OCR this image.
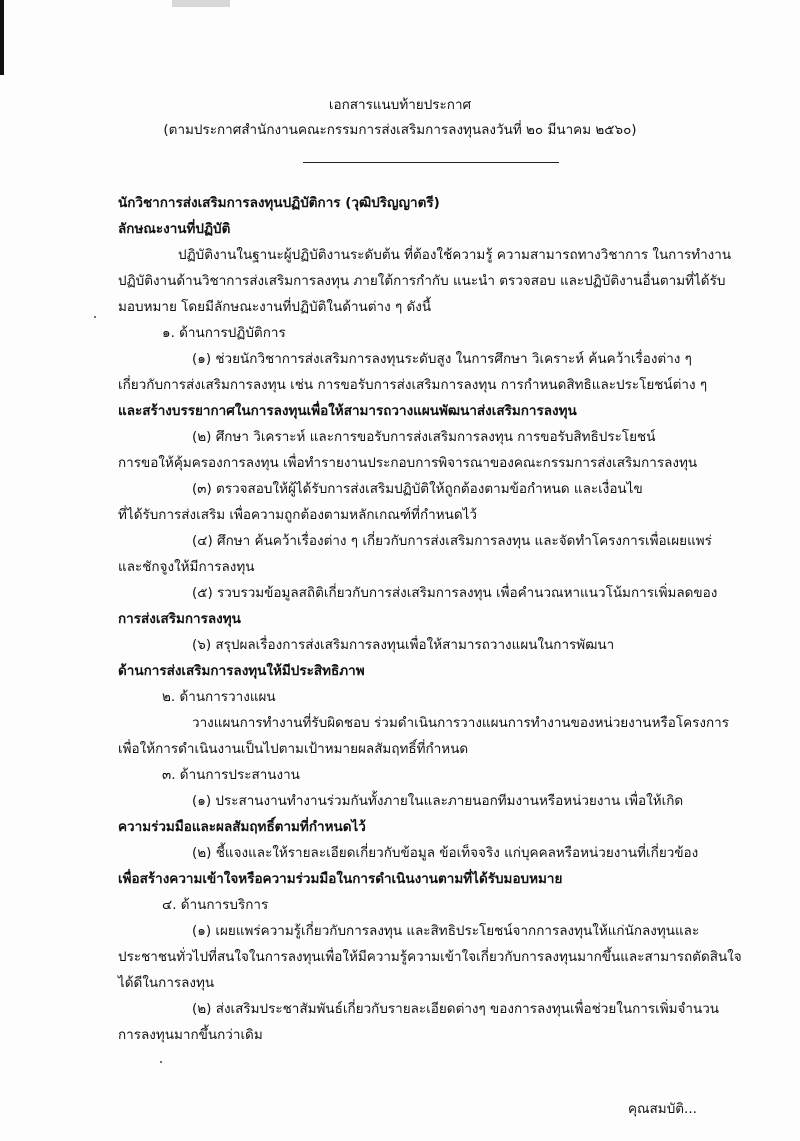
เอกสารแนบท้ายประกาศ
(ตามประกาศสำนักงานคณะกรรมการส่งเสริมการลงทุนลงวันที่ ๒๐ มีนาคม ๒๕๖๐)
นักวิชาการส่งเสริมการลงทุนปฏิบัติการ (วุฒิปริญญาตรี)
ลักษณะงานที่ปฏิบัติ
ปฏิบัติงานในฐานะผู้ปฏิบัติงานระดับต้น ที่ต้องใช้ความรู้ ความสามารถทางวิชาการ ในการทำงาน
ปฏิบัติงานด้านวิชาการส่งเสริมการลงทุน ภายใต้การกำกับ แนะนำ ตรวจสอบ และปฏิบัติงานอื่นตามที่ได้รับ
มอบหมาย โดยมีลักษณะงานที่ปฏิบัติในด้านต่าง ๆ ดังนี้
๑. ด้านการปฏิบัติการ
(๑) ช่วยนักวิชาการส่งเสริมการลงทุนระดับสูง ในการศึกษา วิเคราะห์ ค้นคว้าเรื่องต่าง ๆ
เกี่ยวกับการส่งเสริมการลงทุน เช่น การขอรับการส่งเสริมการลงทุน การกำหนดสิทธิและประโยชน์ต่าง ๆ
และสร้างบรรยากาศในการลงทุนเพื่อให้สามารถวางแผนพัฒนาส่งเสริมการลงทุน
(๒) ศึกษา วิเคราะห์ และการขอรับการส่งเสริมการลงทุน การขอรับสิทธิประโยชน์
การขอให้คุ้มครองการลงทุน เพื่อทำรายงานประกอบการพิจารณาของคณะกรรมการส่งเสริมการลงทุน
(๓) ตรวจสอบให้ผู้ได้รับการส่งเสริมปฏิบัติให้ถูกต้องตามข้อกำหนด และเงื่อนไข
ที่ได้รับการส่งเสริม เพื่อความถูกต้องตามหลักเกณฑ์ที่กำหนดไว้
(๔) ศึกษา ค้นคว้าเรื่องต่าง ๆ เกี่ยวกับการส่งเสริมการลงทุน และจัดทำโครงการเพื่อเผยแพร่
และชักจูงให้มีการลงทุน
(๕) รวบรวมข้อมูลสถิติเกี่ยวกับการส่งเสริมการลงทุน เพื่อคำนวณหาแนวโน้มการเพิ่มลดของ
การส่งเสริมการลงทุน
(๖) สรุปผลเรื่องการส่งเสริมการลงทุนเพื่อให้สามารถวางแผนในการพัฒนา
ด้านการส่งเสริมการลงทุนให้มีประสิทธิภาพ
๒. ด้านการวางแผน
วางแผนการทำงานที่รับผิดชอบ ร่วมดำเนินการวางแผนการทำงานของหน่วยงานหรือโครงการ
เพื่อให้การดำเนินงานเป็นไปตามเป้าหมายผลสัมฤทธิ์ที่กำหนด
๓. ด้านการประสานงาน
(๑) ประสานงานทำงานร่วมกันทั้งภายในและภายนอกทีมงานหรือหน่วยงาน เพื่อให้เกิด
ความร่วมมือและผลสัมฤทธิ์ตามที่กำหนดไว้
(๒) ชี้แจงและให้รายละเอียดเกี่ยวกับข้อมูล ข้อเท็จจริง แก่บุคคลหรือหน่วยงานที่เกี่ยวข้อง
เพื่อสร้างความเข้าใจหรือความร่วมมือในการดำเนินงานตามที่ได้รับมอบหมาย
๔. ด้านการบริการ
(๑) เผยแพร่ความรู้เกี่ยวกับการลงทุน และสิทธิประโยชน์จากการลงทุนให้แก่นักลงทุนและ
ประชาชนทั่วไปที่สนใจในการลงทุนเพื่อให้มีความรู้ความเข้าใจเกี่ยวกับการลงทุนมากขึ้นและสามารถตัดสินใจ
ได้ดีในการลงทุน
(๒) ส่งเสริมประชาสัมพันธ์เกี่ยวกับรายละเอียดต่างๆ ของการลงทุนเพื่อช่วยในการเพิ่มจำนวน
การลงทุนมากขึ้นกว่าเดิม
คุณสมบัติ...
